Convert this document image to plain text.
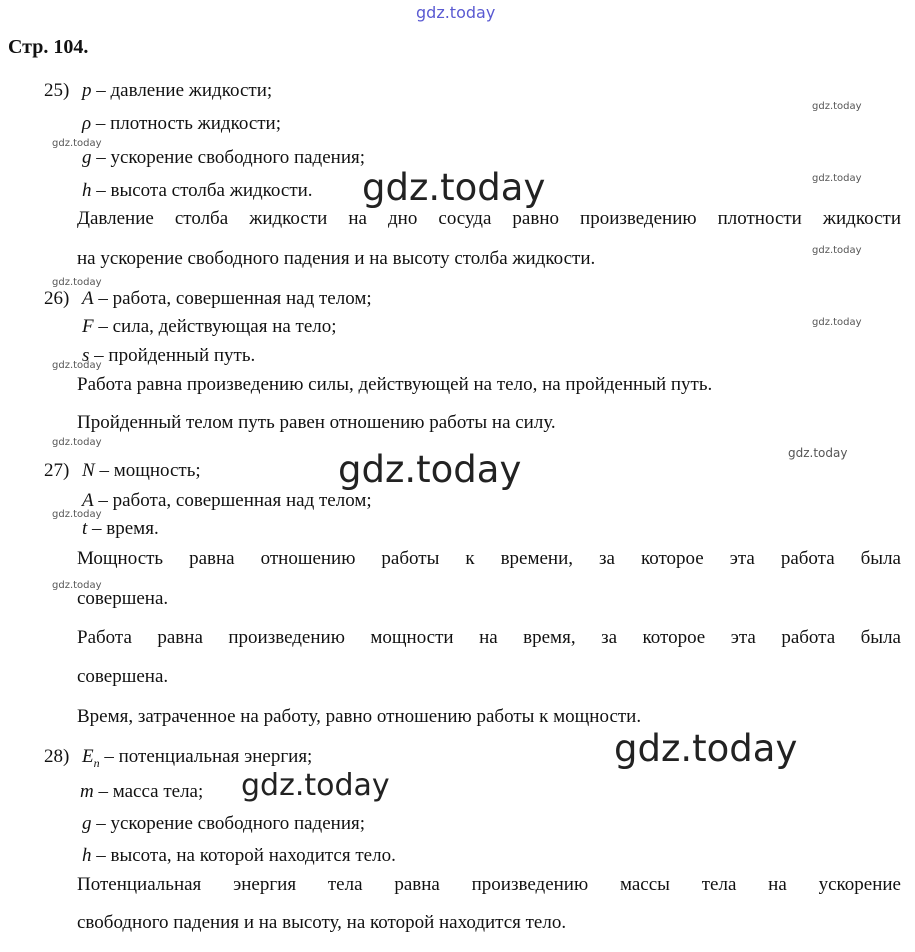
gdz.today
Стр. 104.
25) p – давление жидкости;
ρ – плотность жидкости;
g – ускорение свободного падения;
h – высота столба жидкости.
Давление столба жидкости на дно сосуда равно произведению плотности жидкости
на ускорение свободного падения и на высоту столба жидкости.
26) A – работа, совершенная над телом;
F – сила, действующая на тело;
s – пройденный путь.
Работа равна произведению силы, действующей на тело, на пройденный путь.
Пройденный телом путь равен отношению работы на силу.
27) N – мощность;
A – работа, совершенная над телом;
t – время.
Мощность равна отношению работы к времени, за которое эта работа была
совершена.
Работа равна произведению мощности на время, за которое эта работа была
совершена.
Время, затраченное на работу, равно отношению работы к мощности.
28) $E_п$ – потенциальная энергия;
m – масса тела;
g – ускорение свободного падения;
h – высота, на которой находится тело.
Потенциальная энергия тела равна произведению массы тела на ускорение
свободного падения и на высоту, на которой находится тело.
gdz.today
gdz.today
gdz.today
gdz.today
gdz.today
gdz.today
gdz.today
gdz.today
gdz.today
gdz.today
gdz.today
gdz.today
gdz.today
gdz.today
gdz.today
